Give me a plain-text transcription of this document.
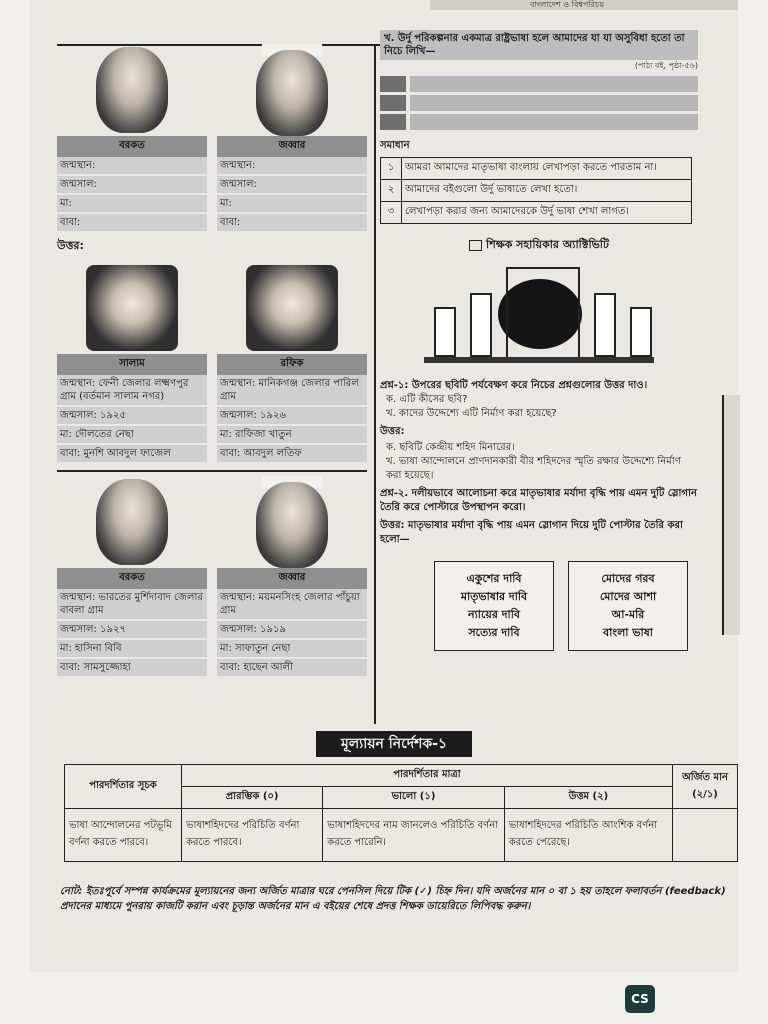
বাংলাদেশ ও বিশ্বপরিচয়
বরকত
জন্মস্থান:
জন্মসাল:
মা:
বাবা:
জব্বার
জন্মস্থান:
জন্মসাল:
মা:
বাবা:
উত্তর:
সালাম
জন্মস্থান: ফেনী জেলার লক্ষ্মণপুর গ্রাম (বর্তমান সালাম নগর)
জন্মসাল: ১৯২৫
মা: দৌলতের নেছা
বাবা: মুনশি আবদুল ফাজেল
রফিক
জন্মস্থান: মানিকগঞ্জ জেলার পারিল গ্রাম
জন্মসাল: ১৯২৬
মা: রাফিজা খাতুন
বাবা: আবদুল লতিফ
বরকত
জন্মস্থান: ভারতের মুর্শিদাবাদ জেলার বাবলা গ্রাম
জন্মসাল: ১৯২৭
মা: হাসিনা বিবি
বাবা: সামসুজ্জোহা
জব্বার
জন্মস্থান: ময়মনসিংহ জেলার পাঁচুয়া গ্রাম
জন্মসাল: ১৯১৯
মা: সাফাতুন নেছা
বাবা: হাছেন আলী
খ. উর্দু পরিকল্পনার একমাত্র রাষ্ট্রভাষা হলে আমাদের যা যা অসুবিধা হতো তা নিচে লিখি—
(পাঠ্য বই, পৃষ্ঠা-৫৬)
সমাধান
১	আমরা আমাদের মাতৃভাষা বাংলায় লেখাপড়া করতে পারতাম না।
২	আমাদের বইগুলো উর্দু ভাষাতে লেখা হতো।
৩	লেখাপড়া করার জন্য আমাদেরকে উর্দু ভাষা শেখা লাগত।
শিক্ষক সহায়িকার অ্যাক্টিভিটি
প্রশ্ন-১: উপরের ছবিটি পর্যবেক্ষণ করে নিচের প্রশ্নগুলোর উত্তর দাও।
ক. এটি কীসের ছবি?
খ. কাদের উদ্দেশ্যে এটি নির্মাণ করা হয়েছে?
উত্তর:
ক. ছবিটি কেন্দ্রীয় শহিদ মিনারের।
খ. ভাষা আন্দোলনে প্রাণদানকারী বীর শহিদদের স্মৃতি রক্ষার উদ্দেশ্যে নির্মাণ করা হয়েছে।
প্রশ্ন-২. দলীয়ভাবে আলোচনা করে মাতৃভাষার মর্যাদা বৃদ্ধি পায় এমন দুটি স্লোগান তৈরি করে পোস্টারে উপস্থাপন করো।
উত্তর: মাতৃভাষার মর্যাদা বৃদ্ধি পায় এমন স্লোগান দিয়ে দুটি পোস্টার তৈরি করা হলো—
একুশের দাবি
মাতৃভাষার দাবি
ন্যায়ের দাবি
সত্যের দাবি
মোদের গরব
মোদের আশা
আ-মরি
বাংলা ভাষা
মূল্যায়ন নির্দেশক-১
পারদর্শিতার সূচক	পারদর্শিতার মাত্রা			অর্জিত মান
(২/১)

	প্রারম্ভিক (০)	ভালো (১)	উত্তম (২)	
ভাষা আন্দোলনের পটভূমি বর্ণনা করতে পারবে।	ভাষাশহিদদের পরিচিতি বর্ণনা করতে পারবে।	ভাষাশহিদদের নাম জানলেও পরিচিতি বর্ণনা করতে পারেনি।	ভাষাশহিদদের পরিচিতি আংশিক বর্ণনা করতে পেরেছে।	
নোট: ইতঃপূর্বে সম্পন্ন কার্যক্রমের মূল্যায়নের জন্য অর্জিত মাত্রার ঘরে পেনসিল দিয়ে টিক (✓) চিহ্ন দিন। যদি অর্জনের মান ০ বা ১ হয় তাহলে ফলাবর্তন (feedback) প্রদানের মাধ্যমে পুনরায় কাজটি করান এবং চূড়ান্ত অর্জনের মান এ বইয়ের শেষে প্রদত্ত শিক্ষক ডায়েরিতে লিপিবদ্ধ করুন।
CS
